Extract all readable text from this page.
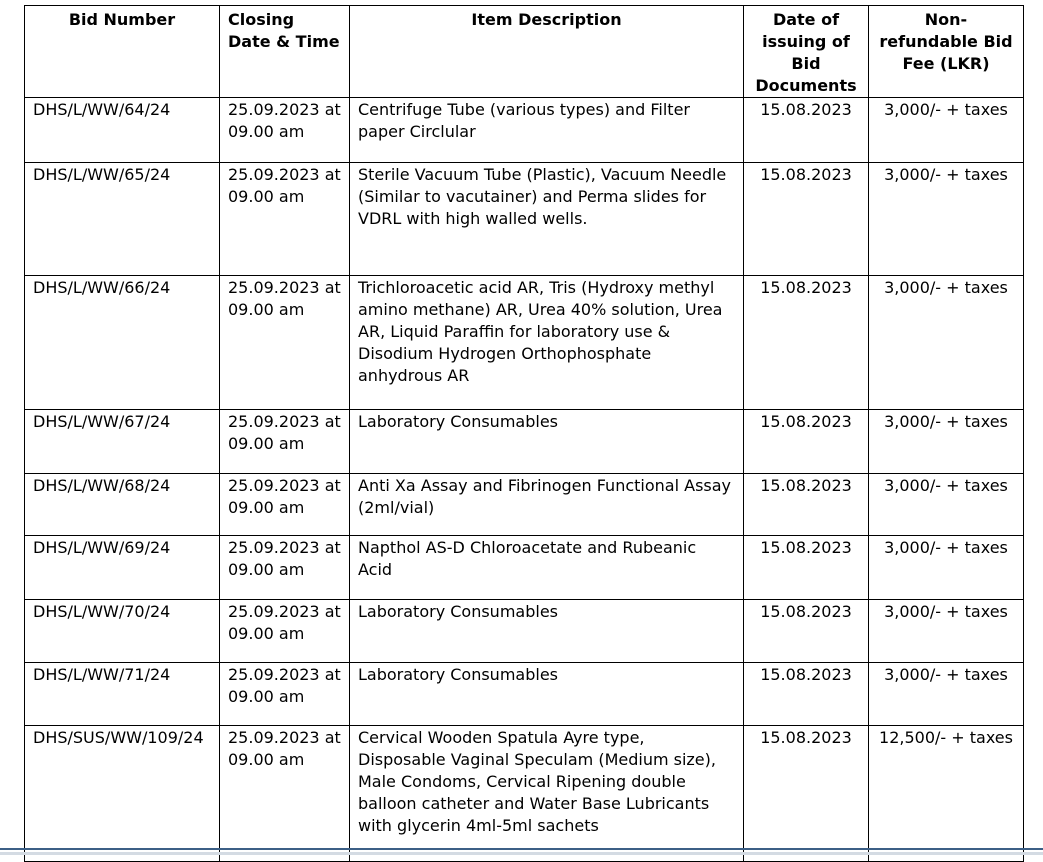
Bid Number	Closing Date & Time	Item Description	Date of issuing of Bid Documents	Non-refundable Bid Fee (LKR)
DHS/L/WW/64/24	25.09.2023 at 09.00 am	Centrifuge Tube (various types) and Filter paper Circlular	15.08.2023	3,000/- + taxes
DHS/L/WW/65/24	25.09.2023 at 09.00 am	Sterile Vacuum Tube (Plastic), Vacuum Needle (Similar to vacutainer) and Perma slides for VDRL with high walled wells.	15.08.2023	3,000/- + taxes
DHS/L/WW/66/24	25.09.2023 at 09.00 am	Trichloroacetic acid AR, Tris (Hydroxy methyl amino methane) AR, Urea 40% solution, Urea AR, Liquid Paraffin for laboratory use & Disodium Hydrogen Orthophosphate anhydrous AR	15.08.2023	3,000/- + taxes
DHS/L/WW/67/24	25.09.2023 at 09.00 am	Laboratory Consumables	15.08.2023	3,000/- + taxes
DHS/L/WW/68/24	25.09.2023 at 09.00 am	Anti Xa Assay and Fibrinogen Functional Assay (2ml/vial)	15.08.2023	3,000/- + taxes
DHS/L/WW/69/24	25.09.2023 at 09.00 am	Napthol AS-D Chloroacetate and Rubeanic Acid	15.08.2023	3,000/- + taxes
DHS/L/WW/70/24	25.09.2023 at 09.00 am	Laboratory Consumables	15.08.2023	3,000/- + taxes
DHS/L/WW/71/24	25.09.2023 at 09.00 am	Laboratory Consumables	15.08.2023	3,000/- + taxes
DHS/SUS/WW/109/24	25.09.2023 at 09.00 am	Cervical Wooden Spatula Ayre type, Disposable Vaginal Speculam (Medium size), Male Condoms, Cervical Ripening double balloon catheter and Water Base Lubricants with glycerin 4ml-5ml sachets	15.08.2023	12,500/- + taxes
